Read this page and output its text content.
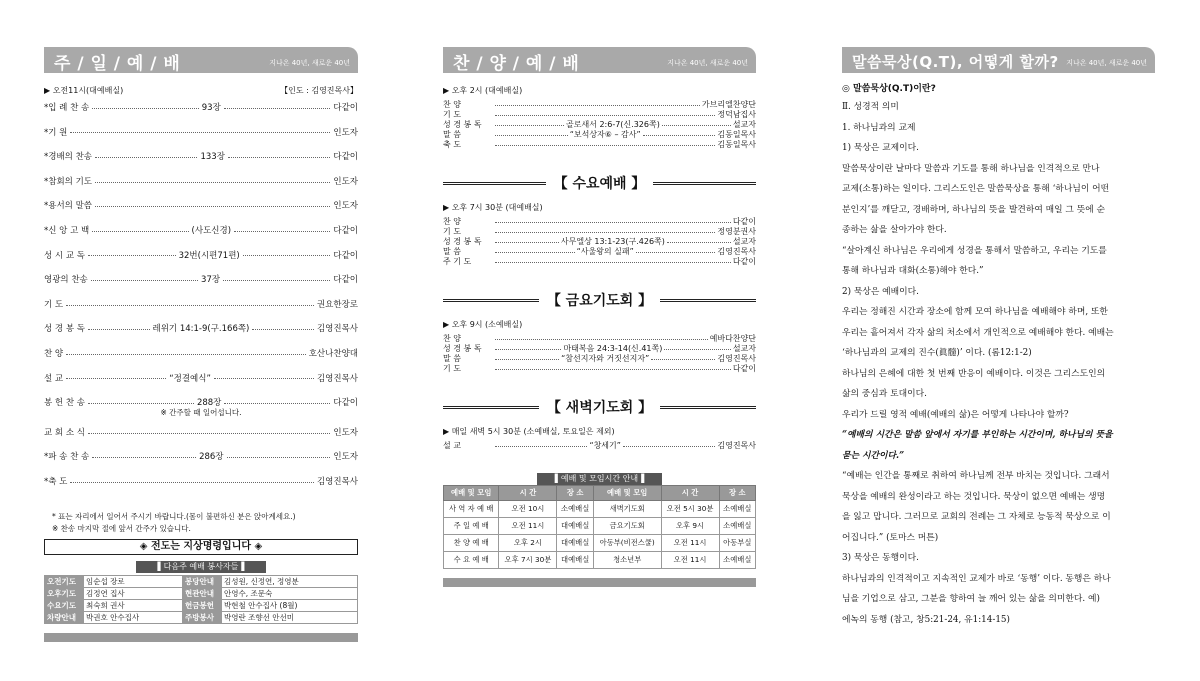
주 / 일 / 예 / 배	지나온 40년, 새로운 40년
▶ 오전11시(대예배실)	【인도 : 김영진목사】
*입 례 찬 송	93장	다같이
*기 원	인도자
*경배의 찬송	133장	다같이
*참회의 기도	인도자
*용서의 말씀	인도자
*신 앙 고 백	(사도신경)	다같이
성 시 교 독	32번(시편71편)	다같이
영광의 찬송	37장	다같이
기 도	권요한장로
성 경 봉 독	레위기 14:1-9(구.166쪽)	김영진목사
찬 양	호산나찬양대
설 교	“정결예식”	김영진목사
봉 헌 찬 송	288장	다같이
※ 간주할 때 일어섭니다.
교 회 소 식	인도자
*파 송 찬 송	286장	인도자
*축 도	김영진목사
* 표는 자리에서 일어서 주시기 바랍니다.(몸이 불편하신 분은 앉아계세요.)
※ 찬송 마지막 절에 앞서 간주가 있습니다.
◈ 전도는 지상명령입니다 ◈
▌다음주 예배 봉사자들▐
오전기도	임순섭 장로	봉당안내	김성원, 신정연, 정영분
오후기도	김정연 집사	현관안내	안영수, 조문숙
수요기도	최숙희 권사	헌금봉헌	박현철 안수집사 (8월)
차량안내	박권호 안수집사	주방봉사	박영란 조향선 안선미
찬 / 양 / 예 / 배	지나온 40년, 새로운 40년
▶ 오후 2시 (대예배실)
찬 양	가브리엘찬양단
기 도	정덕남집사
성 경 봉 독	골로새서 2:6-7(신.326쪽)	설교자
말 씀	“보석상자⑥ – 감사”	김동일목사
축 도	김동일목사
【 수요예배 】
▶ 오후 7시 30분 (대예배실)
찬 양	다같이
기 도	정영분권사
성 경 봉 독	사무엘상 13:1-23(구.426쪽)	설교자
말 씀	“사울왕의 실패”	김영진목사
주 기 도	다같이
【 금요기도회 】
▶ 오후 9시 (소예배실)
찬 양	예바다찬양단
성 경 봉 독	마태복음 24:3-14(신.41쪽)	설교자
말 씀	“참선지자와 거짓선지자”	김영진목사
기 도	다같이
【 새벽기도회 】
▶ 매일 새벽 5시 30분 (소예배실, 토요일은 제외)
설 교	“창세기”	김영진목사
▌예배 및 모임시간 안내▐
예배 및 모임	시 간	장 소	예배 및 모임	시 간	장 소
사 역 자 예 배	오전 10시	소예배실	새벽기도회	오전 5시 30분	소예배실
주 일 예 배	오전 11시	대예배실	금요기도회	오후 9시	소예배실
찬 양 예 배	오후 2시	대예배실	아동부(비전스쿨)	오전 11시	아동부실
수 요 예 배	오후 7시 30분	대예배실	청소년부	오전 11시	소예배실
말씀묵상(Q.T), 어떻게 할까? 지나온 40년, 새로운 40년
◎ 말씀묵상(Q.T)이란?

Ⅱ. 성경적 의미

1. 하나님과의 교제

1) 묵상은 교제이다.

말씀묵상이란 날마다 말씀과 기도를 통해 하나님을 인격적으로 만나

교제(소통)하는 일이다. 그리스도인은 말씀묵상을 통해 ‘하나님이 어떤

분인지’를 깨닫고, 경배하며, 하나님의 뜻을 발견하여 매일 그 뜻에 순

종하는 삶을 살아가야 한다.

“살아계신 하나님은 우리에게 성경을 통해서 말씀하고, 우리는 기도를

통해 하나님과 대화(소통)해야 한다.”

2) 묵상은 예배이다.

우리는 정해진 시간과 장소에 함께 모여 하나님을 예배해야 하며, 또한

우리는 흩어져서 각자 삶의 처소에서 개인적으로 예배해야 한다. 예배는

‘하나님과의 교제의 진수(眞髓)’ 이다. (롬12:1-2)

하나님의 은혜에 대한 첫 번째 반응이 예배이다. 이것은 그리스도인의

삶의 중심과 토대이다.

우리가 드릴 영적 예배(예배의 삶)은 어떻게 나타나야 할까?

“예배의 시간은 말씀 앞에서 자기를 부인하는 시간이며, 하나님의 뜻을

묻는 시간이다.”

“예배는 인간을 통째로 취하여 하나님께 전부 바치는 것입니다. 그래서

묵상을 예배의 완성이라고 하는 것입니다. 묵상이 없으면 예배는 생명

을 잃고 맙니다. 그러므로 교회의 전례는 그 자체로 능동적 묵상으로 이

어집니다.” (토마스 머튼)

3) 묵상은 동행이다.

하나님과의 인격적이고 지속적인 교제가 바로 ‘동행’ 이다. 동행은 하나

님을 기업으로 삼고, 그분을 향하여 늘 깨어 있는 삶을 의미한다. 예)

에녹의 동행 (참고, 창5:21-24, 유1:14-15)
